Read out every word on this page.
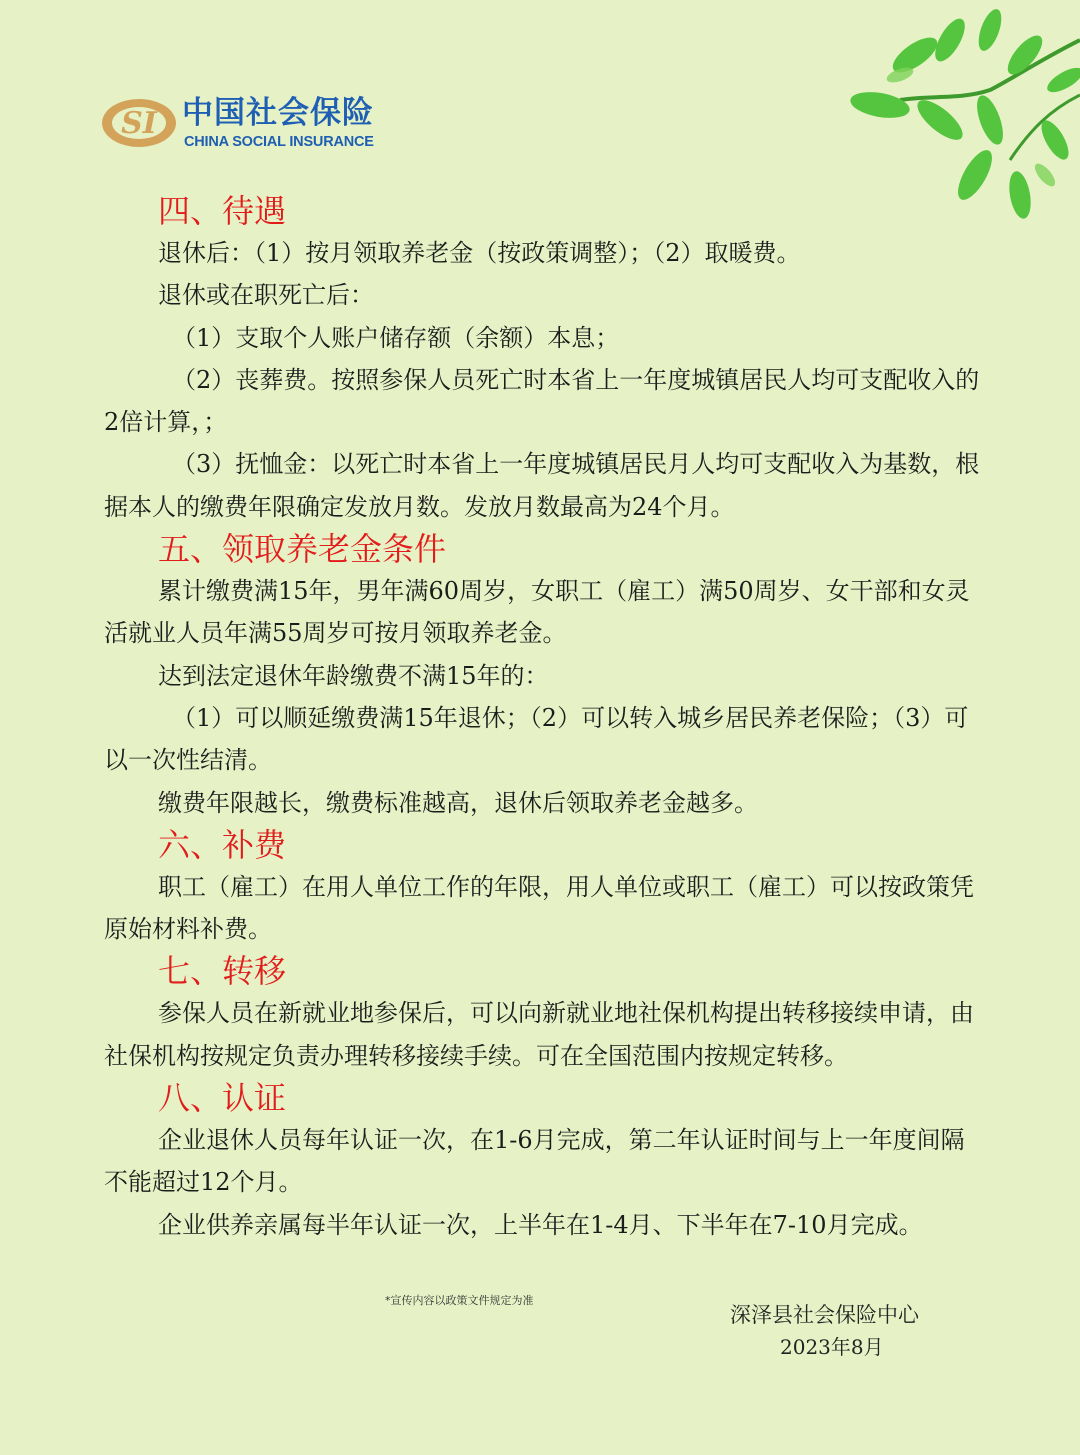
SI 中国社会保险
CHINA SOCIAL INSURANCE
四、待遇

退休后：（1）按月领取养老金（按政策调整）；（2）取暖费。

退休或在职死亡后：

（1）支取个人账户储存额（余额）本息；

（2）丧葬费。按照参保人员死亡时本省上一年度城镇居民人均可支配收入的2倍计算，；

（3）抚恤金：以死亡时本省上一年度城镇居民月人均可支配收入为基数，根据本人的缴费年限确定发放月数。发放月数最高为24个月。

五、领取养老金条件

累计缴费满15年，男年满60周岁，女职工（雇工）满50周岁、女干部和女灵活就业人员年满55周岁可按月领取养老金。

达到法定退休年龄缴费不满15年的：

（1）可以顺延缴费满15年退休；（2）可以转入城乡居民养老保险；（3）可以一次性结清。

缴费年限越长，缴费标准越高，退休后领取养老金越多。

六、补费

职工（雇工）在用人单位工作的年限，用人单位或职工（雇工）可以按政策凭原始材料补费。

七、转移

参保人员在新就业地参保后，可以向新就业地社保机构提出转移接续申请，由社保机构按规定负责办理转移接续手续。可在全国范围内按规定转移。

八、认证

企业退休人员每年认证一次，在1-6月完成，第二年认证时间与上一年度间隔不能超过12个月。

企业供养亲属每半年认证一次，上半年在1-4月、下半年在7-10月完成。

*宣传内容以政策文件规定为准
深泽县社会保险中心
2023年8月
